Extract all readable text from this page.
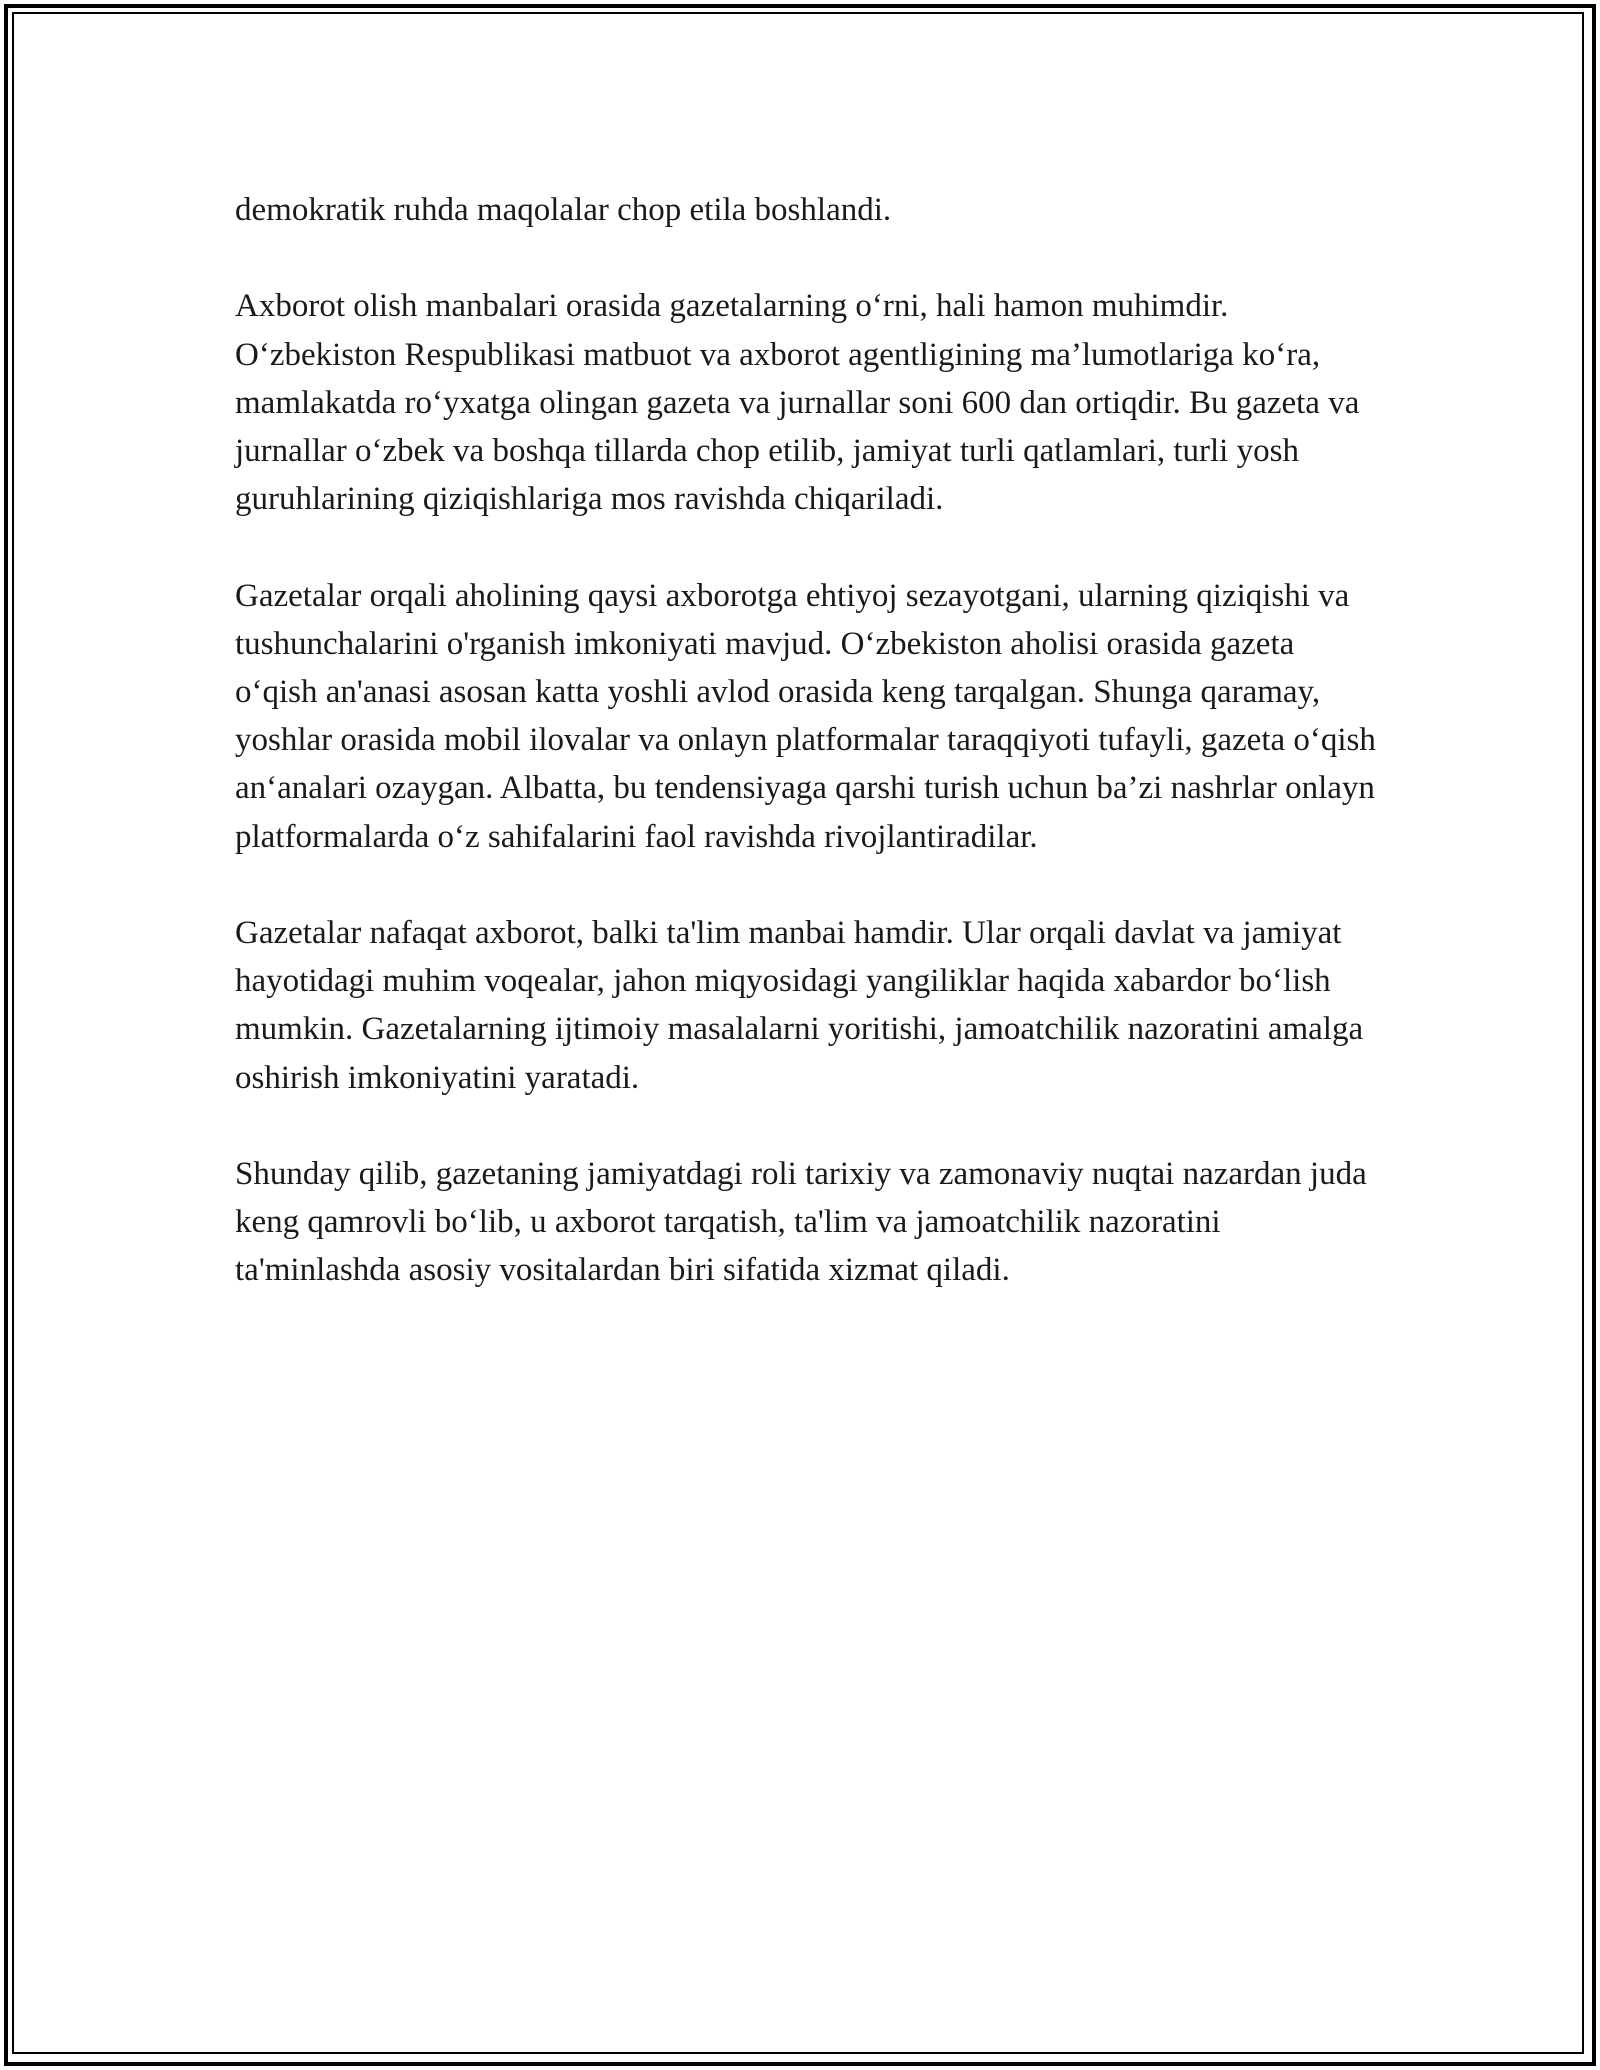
demokratik ruhda maqolalar chop etila boshlandi.

Axborot olish manbalari orasida gazetalarning o‘rni, hali hamon muhimdir. O‘zbekiston Respublikasi matbuot va axborot agentligining ma’lumotlariga ko‘ra, mamlakatda ro‘yxatga olingan gazeta va jurnallar soni 600 dan ortiqdir. Bu gazeta va jurnallar o‘zbek va boshqa tillarda chop etilib, jamiyat turli qatlamlari, turli yosh guruhlarining qiziqishlariga mos ravishda chiqariladi.

Gazetalar orqali aholining qaysi axborotga ehtiyoj sezayotgani, ularning qiziqishi va tushunchalarini o'rganish imkoniyati mavjud. O‘zbekiston aholisi orasida gazeta o‘qish an'anasi asosan katta yoshli avlod orasida keng tarqalgan. Shunga qaramay, yoshlar orasida mobil ilovalar va onlayn platformalar taraqqiyoti tufayli, gazeta o‘qish an‘analari ozaygan. Albatta, bu tendensiyaga qarshi turish uchun ba’zi nashrlar onlayn platformalarda o‘z sahifalarini faol ravishda rivojlantiradilar.

Gazetalar nafaqat axborot, balki ta'lim manbai hamdir. Ular orqali davlat va jamiyat hayotidagi muhim voqealar, jahon miqyosidagi yangiliklar haqida xabardor bo‘lish mumkin. Gazetalarning ijtimoiy masalalarni yoritishi, jamoatchilik nazoratini amalga oshirish imkoniyatini yaratadi.

Shunday qilib, gazetaning jamiyatdagi roli tarixiy va zamonaviy nuqtai nazardan juda keng qamrovli bo‘lib, u axborot tarqatish, ta'lim va jamoatchilik nazoratini ta'minlashda asosiy vositalardan biri sifatida xizmat qiladi.
